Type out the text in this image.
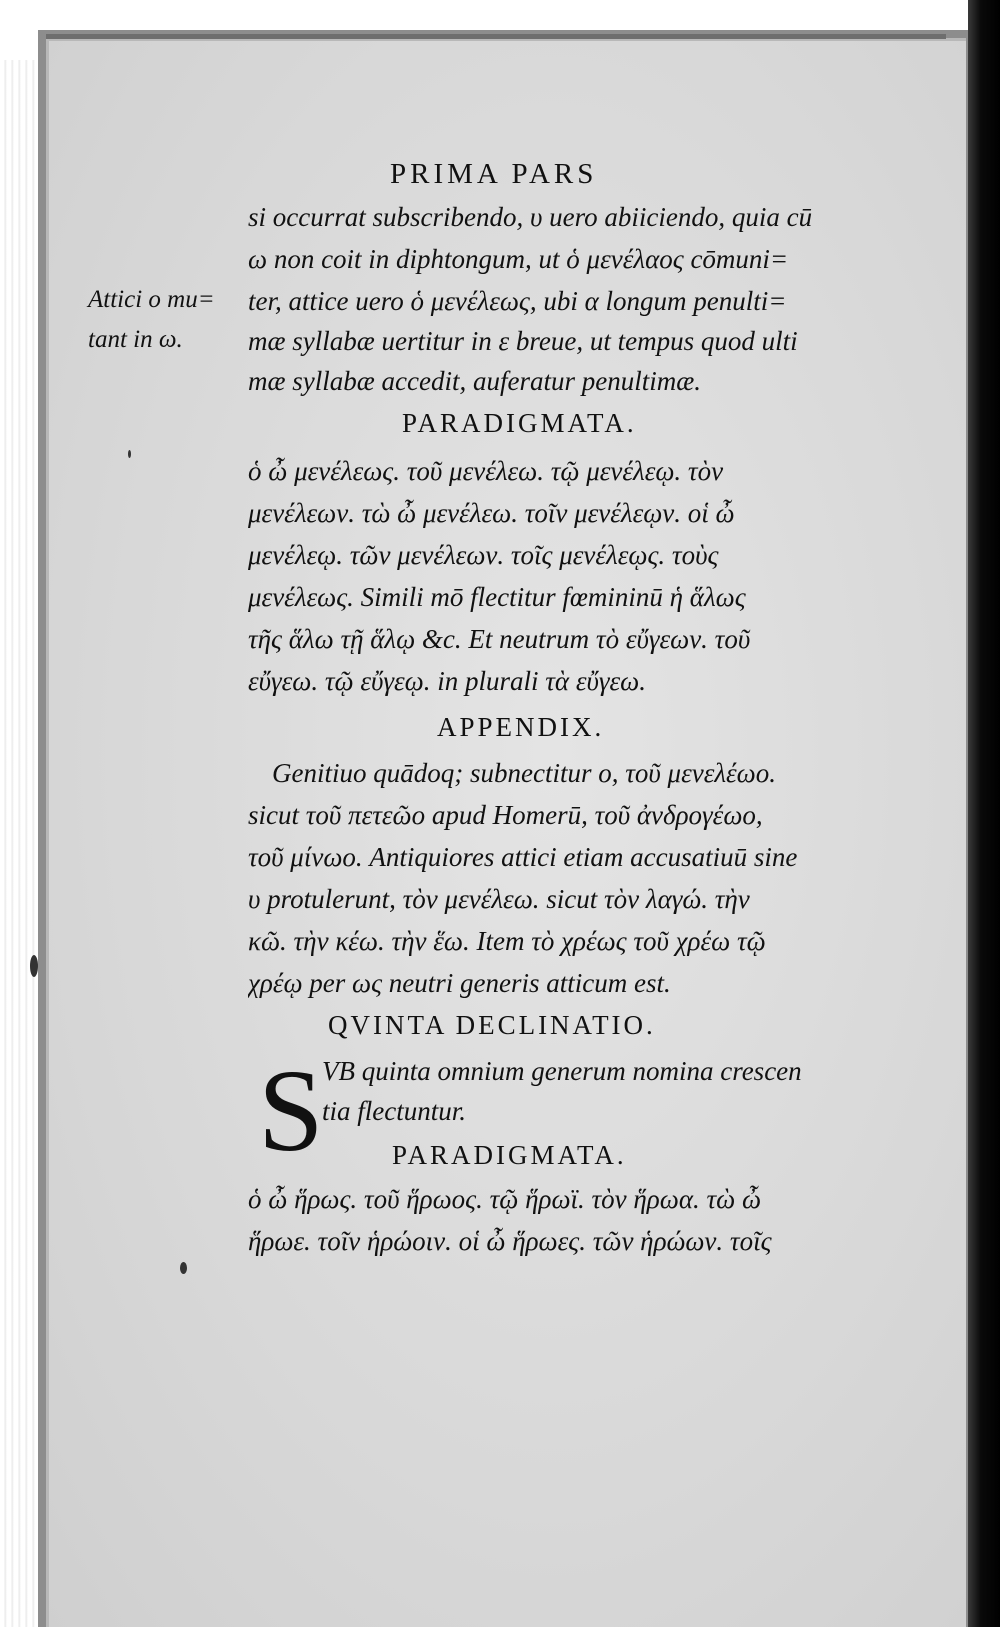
PRIMA PARS
Attici o mu=
tant in ω.
si occurrat subscribendo, υ uero abiiciendo, quia cū
ω non coit in diphtongum, ut ὁ μενέλαος cōmuni=
ter, attice uero ὁ μενέλεως, ubi α longum penulti=
mæ syllabæ uertitur in ε breue, ut tempus quod ulti
mæ syllabæ accedit, auferatur penultimæ.
PARADIGMATA.
ὁ ὦ μενέλεως. τοῦ μενέλεω. τῷ μενέλεῳ. τὸν
μενέλεων. τὼ ὦ μενέλεω. τοῖν μενέλεῳν. οἱ ὦ
μενέλεῳ. τῶν μενέλεων. τοῖς μενέλεῳς. τοὺς
μενέλεως. Simili mō flectitur fœmininū ἡ ἅλως
τῆς ἅλω τῇ ἅλῳ &c. Et neutrum τὸ εὔγεων. τοῦ
εὔγεω. τῷ εὔγεῳ. in plurali τὰ εὔγεω.
APPENDIX.
Genitiuo quādoq; subnectitur ο, τοῦ μενελέωο.
sicut τοῦ πετεῶο apud Homerū, τοῦ ἀνδρογέωο,
τοῦ μίνωο. Antiquiores attici etiam accusatiuū sine
υ protulerunt, τὸν μενέλεω. sicut τὸν λαγώ. τὴν
κῶ. τὴν κέω. τὴν ἕω. Item τὸ χρέως τοῦ χρέω τῷ
χρέῳ per ως neutri generis atticum est.
QVINTA DECLINATIO.
S
VB quinta omnium generum nomina crescen
tia flectuntur.
PARADIGMATA.
ὁ ὦ ἥρως. τοῦ ἥρωος. τῷ ἥρωϊ. τὸν ἥρωα. τὼ ὦ
ἥρωε. τοῖν ἡρώοιν. οἱ ὦ ἥρωες. τῶν ἡρώων. τοῖς
